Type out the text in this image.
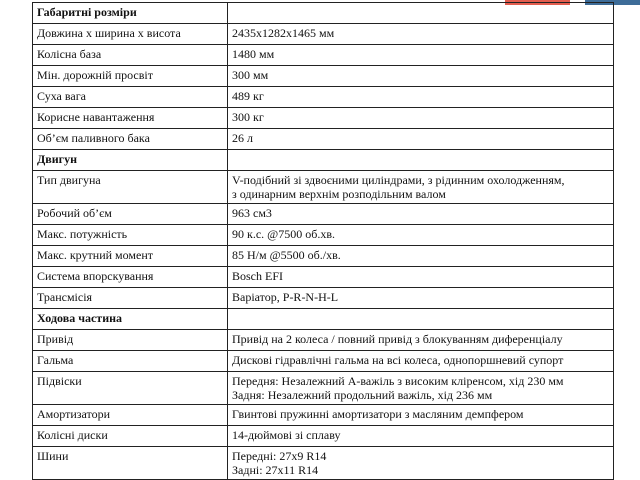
Габаритні розміри	
Довжина х ширина х висота	2435х1282х1465 мм

Колісна база	1480 мм

Мін. дорожній просвіт	300 мм

Суха вага	489 кг

Корисне навантаження	300 кг

Об’єм паливного бака	26 л

Двигун	
Тип двигуна	V-подібний зі здвоєними циліндрами, з рідинним охолодженням,
з одинарним верхнім розподільним валом

Робочий об’єм	963 см3

Макс. потужність	90 к.с. @7500 об.хв.

Макс. крутний момент	85 Н/м @5500 об./хв.

Система впорскування	Bosch EFI

Трансмісія	Варіатор, P-R-N-H-L

Ходова частина	
Привід	Привід на 2 колеса / повний привід з блокуванням диференціалу

Гальма	Дискові гідравлічні гальма на всі колеса, однопоршневий супорт

Підвіски	Передня: Незалежний А-важіль з високим кліренсом, хід 230 мм
Задня: Незалежний продольний важіль, хід 236 мм

Амортизатори	Гвинтові пружинні амортизатори з масляним демпфером

Колісні диски	14-дюймові зі сплаву

Шини	Передні: 27x9 R14
Задні: 27x11 R14
